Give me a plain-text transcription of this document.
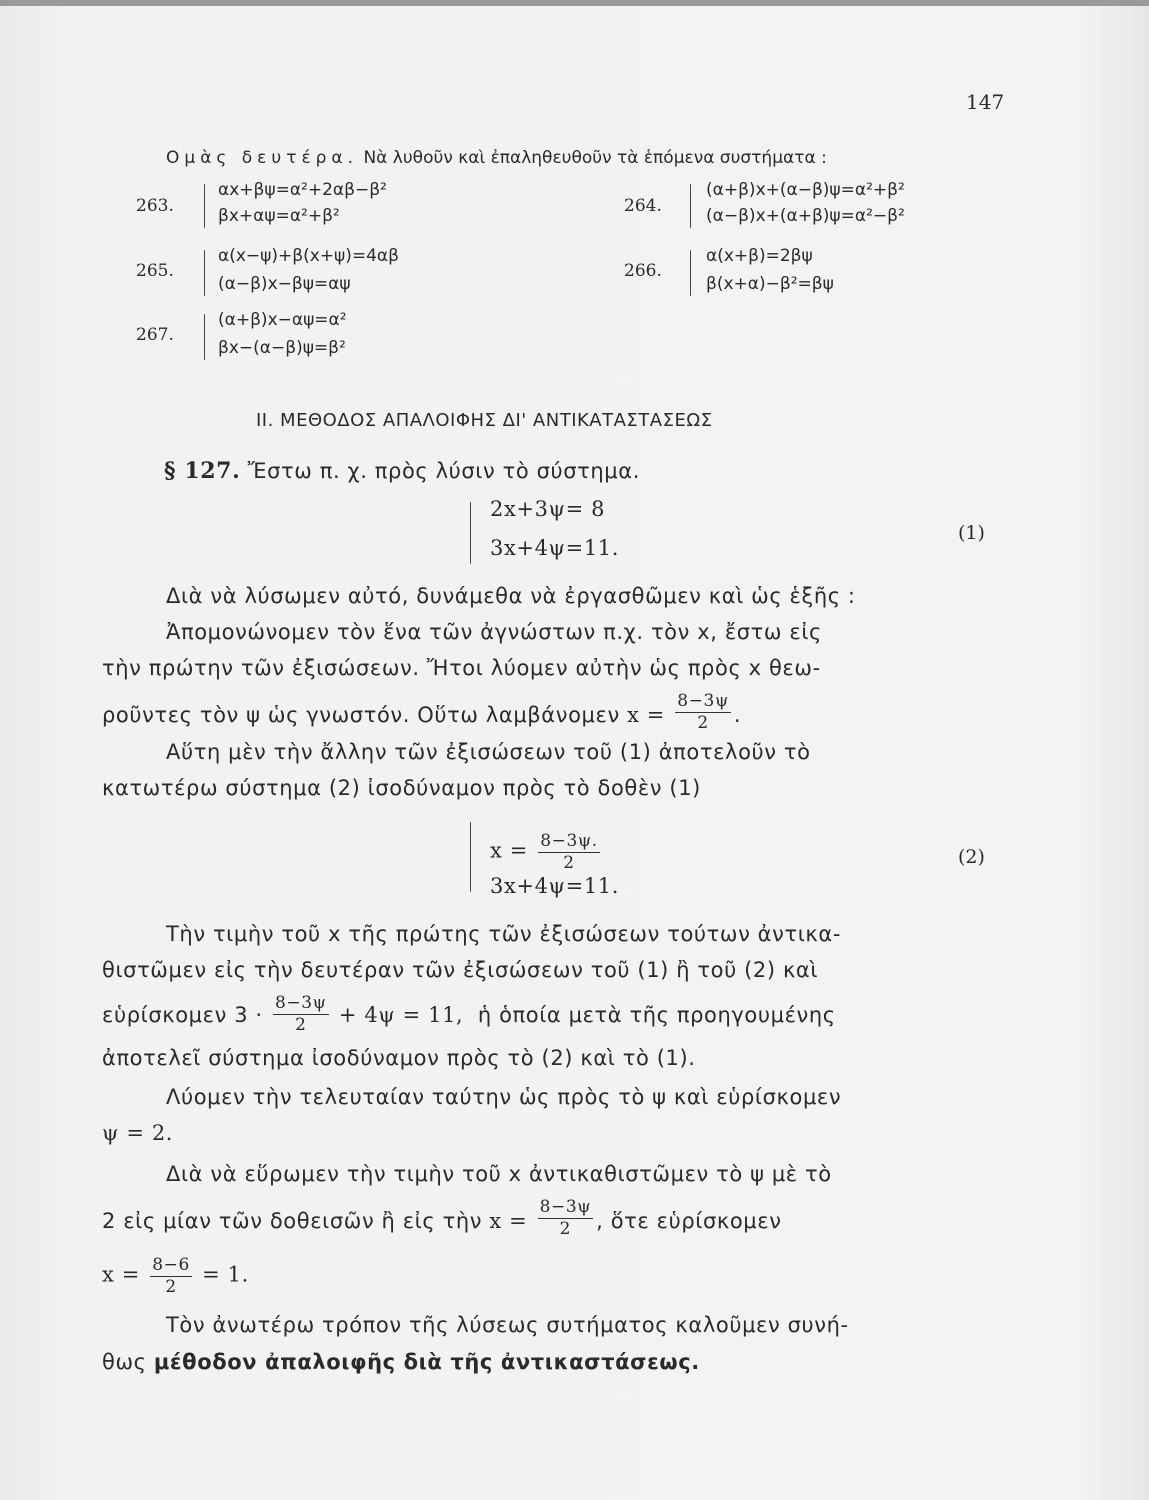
147
Ομὰς δευτέρα. Νὰ λυθοῦν καὶ ἐπαληθευθοῦν τὰ ἑπόμενα συστήματα :
263.
αx+βψ=α²+2αβ−β²
βx+αψ=α²+β²	264.
(α+β)x+(α−β)ψ=α²+β²
(α−β)x+(α+β)ψ=α²−β²
265.
α(x−ψ)+β(x+ψ)=4αβ
(α−β)x−βψ=αψ
266.
α(x+β)=2βψ
β(x+α)−β²=βψ
267.
(α+β)x−αψ=α²
βx−(α−β)ψ=β²
II. ΜΕΘΟΔΟΣ ΑΠΑΛΟΙΦΗΣ ΔΙ' ΑΝΤΙΚΑΤΑΣΤΑΣΕΩΣ
§ 127. Ἔστω π. χ. πρὸς λύσιν τὸ σύστημα.
2x+3ψ= 8
3x+4ψ=11.
(1)
Διὰ νὰ λύσωμεν αὐτό, δυνάμεθα νὰ ἐργασθῶμεν καὶ ὡς ἑξῆς :
Ἀπομονώνομεν τὸν ἕνα τῶν ἀγνώστων π.χ. τὸν x, ἔστω εἰς
τὴν πρώτην τῶν ἐξισώσεων. Ἤτοι λύομεν αὐτὴν ὡς πρὸς x θεω-
ροῦντες τὸν ψ ὡς γνωστόν. Οὕτω λαμβάνομεν $x = \frac{8-3\psi}{2}$ .
Αὕτη μὲν τὴν ἄλλην τῶν ἐξισώσεων τοῦ (1) ἀποτελοῦν τὸ
κατωτέρω σύστημα (2) ἰσοδύναμον πρὸς τὸ δοθὲν (1)
$x = \frac{8-3\psi.}{2}$
3x+4ψ=11.
(2)
Τὴν τιμὴν τοῦ x τῆς πρώτης τῶν ἐξισώσεων τούτων ἀντικα-
θιστῶμεν εἰς τὴν δευτέραν τῶν ἐξισώσεων τοῦ (1) ἢ τοῦ (2) καὶ
εὑρίσκομεν $3 \cdot \frac{8-3\psi}{2} + 4\psi = 11$, ἡ ὁποία μετὰ τῆς προηγουμένης
ἀποτελεῖ σύστημα ἰσοδύναμον πρὸς τὸ (2) καὶ τὸ (1).
Λύομεν τὴν τελευταίαν ταύτην ὡς πρὸς τὸ ψ καὶ εὑρίσκομεν
ψ = 2.
Διὰ νὰ εὕρωμεν τὴν τιμὴν τοῦ x ἀντικαθιστῶμεν τὸ ψ μὲ τὸ
2 εἰς μίαν τῶν δοθεισῶν ἢ εἰς τὴν $x = \frac{8-3\psi}{2}$ , ὅτε εὑρίσκομεν
$x = \frac{8-6}{2} = 1$.
Τὸν ἀνωτέρω τρόπον τῆς λύσεως συτήματος καλοῦμεν συνή-
θως μέθοδον ἀπαλοιφῆς διὰ τῆς ἀντικαστάσεως.
